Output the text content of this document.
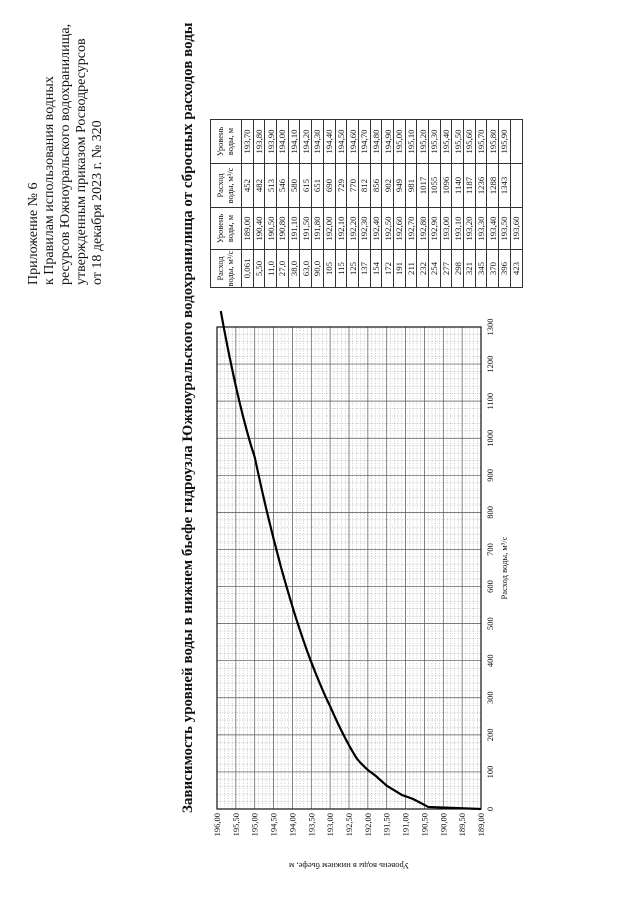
Приложение № 6 к Правилам использования водных ресурсов Южноуральского водохранилища, утвержденным приказом Росводресурсов от 18 декабря 2023 г. № 320	Зависимость уровней воды в нижнем бьефе гидроузла Южноуральского водохранилища от сбросных расходов воды
189,00
189,50
190,00
190,50
191,00
191,50
192,00
192,50
193,00
193,50
194,00
194,50
195,00
195,50
196,00
0
100
200
300
400
500
600
700
800
900
1000
1100
1200
1300
Расход воды, м³/с
Уровень воды в нижнем бьефе, м
Расход воды, м³/с	Уровень воды, м	Расход воды, м³/с	Уровень воды, м
0,061	189,00	452	193,70
5,50	190,40	482	193,80
11,0	190,50	513	193,90
27,0	190,80	546	194,00
38,0	191,10	580	194,10
63,0	191,50	615	194,20
90,0	191,80	651	194,30
105	192,00	690	194,40
115	192,10	729	194,50
125	192,20	770	194,60
137	192,30	812	194,70
154	192,40	856	194,80
172	192,50	902	194,90
191	192,60	949	195,00
211	192,70	981	195,10
232	192,80	1017	195,20
254	192,90	1055	195,30
277	193,00	1096	195,40
298	193,10	1140	195,50
321	193,20	1187	195,60
345	193,30	1236	195,70
370	193,40	1288	195,80
396	193,50	1343	195,90
423	193,60		
